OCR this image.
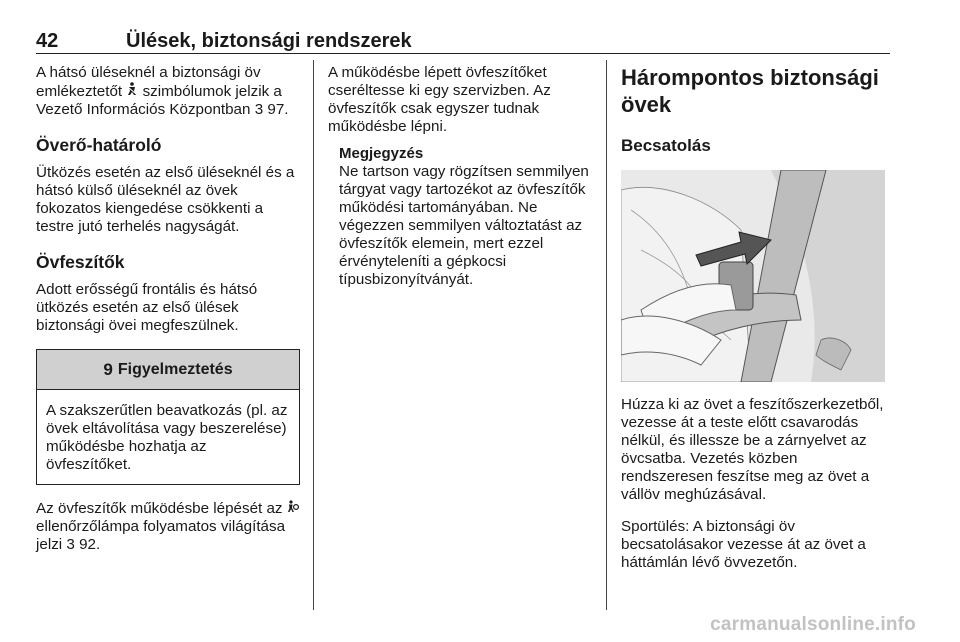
42	Ülések, biztonsági rendszerek

A hátsó üléseknél a biztonsági öv emlékeztetőt szimbólumok jelzik a Vezető Információs Központban 3 97.

Överő-határoló

Ütközés esetén az első üléseknél és a hátsó külső üléseknél az övek fokozatos kiengedése csökkenti a testre jutó terhelés nagyságát.

Övfeszítők

Adott erősségű frontális és hátsó ütközés esetén az első ülések biztonsági övei megfeszülnek.

9 Figyelmeztetés
A szakszerűtlen beavatkozás (pl. az övek eltávolítása vagy beszerelése) működésbe hozhatja az övfeszítőket.

Az övfeszítők működésbe lépését az  ellenőrzőlámpa folyamatos világítása jelzi 3 92.

A működésbe lépett övfeszítőket cseréltesse ki egy szervizben. Az övfeszítők csak egyszer tudnak működésbe lépni.

Megjegyzés

Ne tartson vagy rögzítsen semmilyen tárgyat vagy tartozékot az övfeszítők működési tartományában. Ne végezzen semmilyen változtatást az övfeszítők elemein, mert ezzel érvényteleníti a gépkocsi típusbizonyítványát.

Hárompontos biztonsági övek
Becsatolás

Húzza ki az övet a feszítőszerkezetből, vezesse át a teste előtt csavarodás nélkül, és illessze be a zárnyelvet az övcsatba. Vezetés közben rendszeresen feszítse meg az övet a vállöv meghúzásával.

Sportülés: A biztonsági öv becsatolásakor vezesse át az övet a háttámlán lévő övvezetőn.

carmanualsonline.info
